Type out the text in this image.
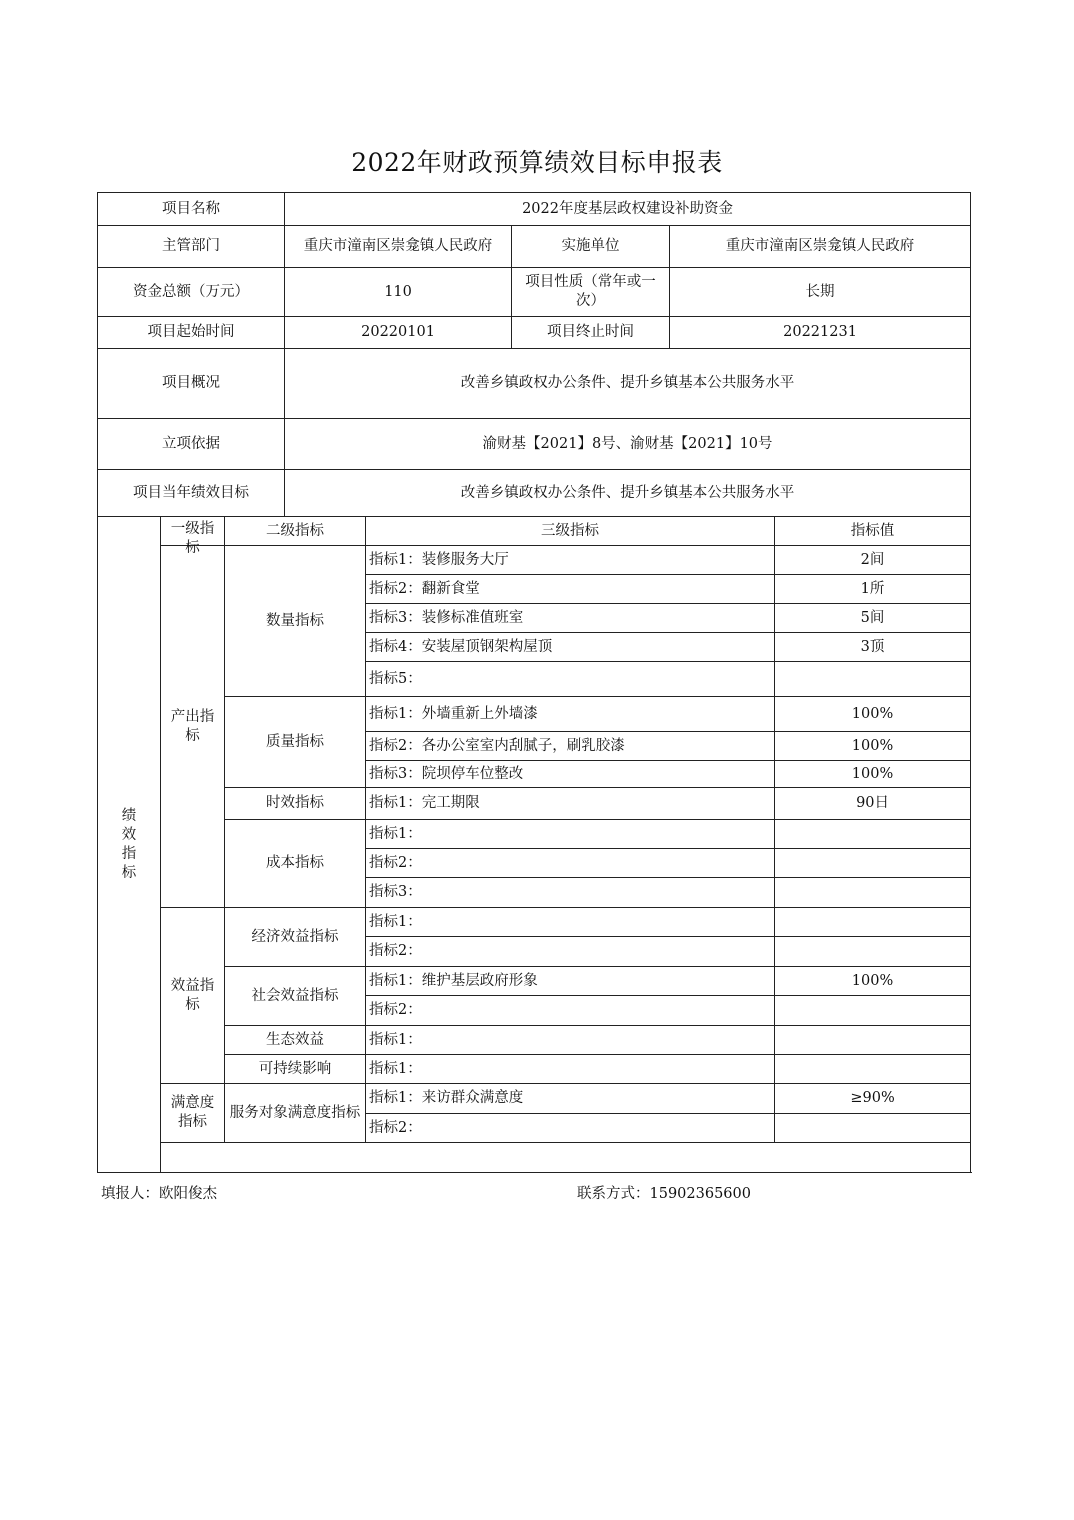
2022年财政预算绩效目标申报表
项目名称			2022年度基层政权建设补助资金				
主管部门			重庆市潼南区崇龛镇人民政府		实施单位	重庆市潼南区崇龛镇人民政府	
资金总额（万元）			110		项目性质（常年或一次）	长期	
项目起始时间			20220101		项目终止时间	20221231	
项目概况			改善乡镇政权办公条件、提升乡镇基本公共服务水平				
立项依据			渝财基【2021】8号、渝财基【2021】10号				
项目当年绩效目标			改善乡镇政权办公条件、提升乡镇基本公共服务水平				

绩效指标	一级指标	二级指标		三级指标			指标值
	产出指标	数量指标		指标1：装修服务大厅			2间
				指标2：翻新食堂			1所
				指标3：装修标准值班室			5间
				指标4：安装屋顶钢架构屋顶			3顶
				指标5：			
		质量指标		指标1：外墙重新上外墙漆			100%
				指标2：各办公室室内刮腻子，刷乳胶漆			100%
				指标3：院坝停车位整改			100%
		时效指标		指标1：完工期限			90日
		成本指标		指标1：			
				指标2：			
				指标3：			
	效益指标	经济效益指标		指标1：			
				指标2：			
		社会效益指标		指标1：维护基层政府形象			100%
				指标2：			
		生态效益		指标1：			
		可持续影响		指标1：			
	满意度指标	服务对象满意度指标		指标1：来访群众满意度			≥90%
				指标2：			

填报人：欧阳俊杰	联系方式：15902365600
